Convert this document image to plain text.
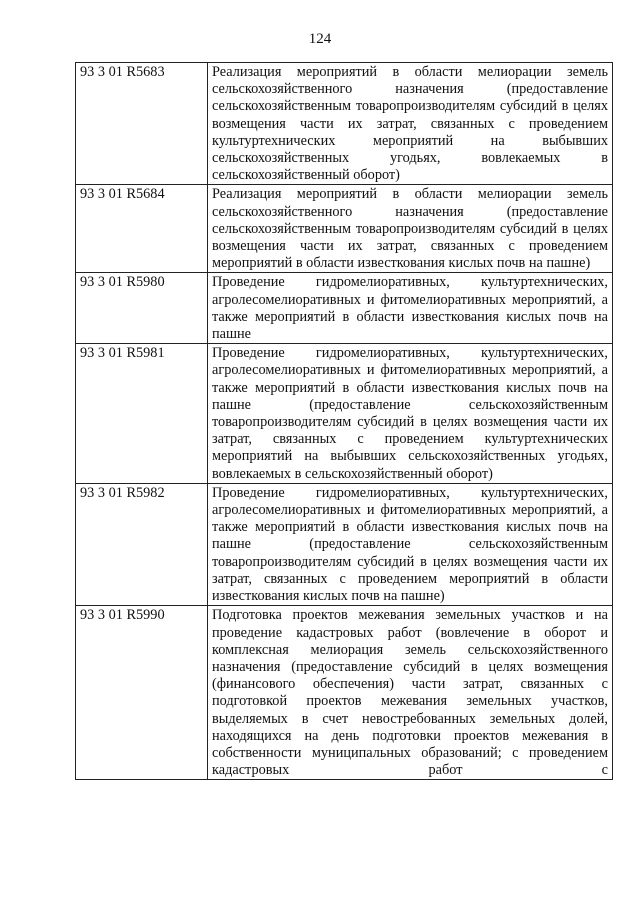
124
93 3 01 R5683	Реализация мероприятий в области мелиорации земель сельскохозяйственного назначения (предоставление сельскохозяйственным товаропроизводителям субсидий в целях возмещения части их затрат, связанных с проведением культуртехнических мероприятий на выбывших сельскохозяйственных угодьях, вовлекаемых в сельскохозяйственный оборот)
93 3 01 R5684	Реализация мероприятий в области мелиорации земель сельскохозяйственного назначения (предоставление сельскохозяйственным товаропроизводителям субсидий в целях возмещения части их затрат, связанных с проведением мероприятий в области известкования кислых почв на пашне)
93 3 01 R5980	Проведение гидромелиоративных, культуртехнических, агролесомелиоративных и фитомелиоративных мероприятий, а также мероприятий в области известкования кислых почв на пашне
93 3 01 R5981	Проведение гидромелиоративных, культуртехнических, агролесомелиоративных и фитомелиоративных мероприятий, а также мероприятий в области известкования кислых почв на пашне (предоставление сельскохозяйственным товаропроизводителям субсидий в целях возмещения части их затрат, связанных с проведением культуртехнических мероприятий на выбывших сельскохозяйственных угодьях, вовлекаемых в сельскохозяйственный оборот)
93 3 01 R5982	Проведение гидромелиоративных, культуртехнических, агролесомелиоративных и фитомелиоративных мероприятий, а также мероприятий в области известкования кислых почв на пашне (предоставление сельскохозяйственным товаропроизводителям субсидий в целях возмещения части их затрат, связанных с проведением мероприятий в области известкования кислых почв на пашне)
93 3 01 R5990	Подготовка проектов межевания земельных участков и на проведение кадастровых работ (вовлечение в оборот и комплексная мелиорация земель сельскохозяйственного назначения (предоставление субсидий в целях возмещения (финансового обеспечения) части затрат, связанных с подготовкой проектов межевания земельных участков, выделяемых в счет невостребованных земельных долей, находящихся на день подготовки проектов межевания в собственности муниципальных образований; с проведением кадастровых работ с
